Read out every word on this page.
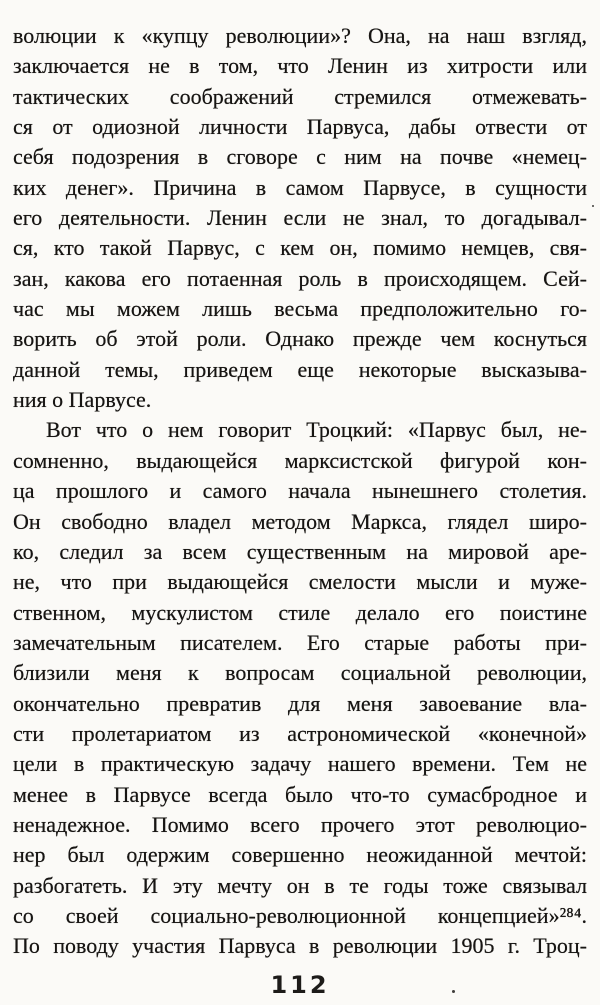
волюции к «купцу революции»? Она, на наш взгляд,
заключается не в том, что Ленин из хитрости или
тактических соображений стремился отмежевать-
ся от одиозной личности Парвуса, дабы отвести от
себя подозрения в сговоре с ним на почве «немец-
ких денег». Причина в самом Парвусе, в сущности
его деятельности. Ленин если не знал, то догадывал-
ся, кто такой Парвус, с кем он, помимо немцев, свя-
зан, какова его потаенная роль в происходящем. Сей-
час мы можем лишь весьма предположительно го-
ворить об этой роли. Однако прежде чем коснуться
данной темы, приведем еще некоторые высказыва-
ния о Парвусе.
Вот что о нем говорит Троцкий: «Парвус был, не-
сомненно, выдающейся марксистской фигурой кон-
ца прошлого и самого начала нынешнего столетия.
Он свободно владел методом Маркса, глядел широ-
ко, следил за всем существенным на мировой аре-
не, что при выдающейся смелости мысли и муже-
ственном, мускулистом стиле делало его поистине
замечательным писателем. Его старые работы при-
близили меня к вопросам социальной революции,
окончательно превратив для меня завоевание вла-
сти пролетариатом из астрономической «конечной»
цели в практическую задачу нашего времени. Тем не
менее в Парвусе всегда было что-то сумасбродное и
ненадежное. Помимо всего прочего этот революцио-
нер был одержим совершенно неожиданной мечтой:
разбогатеть. И эту мечту он в те годы тоже связывал
со своей социально-революционной концепцией»²⁸⁴.
По поводу участия Парвуса в революции 1905 г. Троц-
112
